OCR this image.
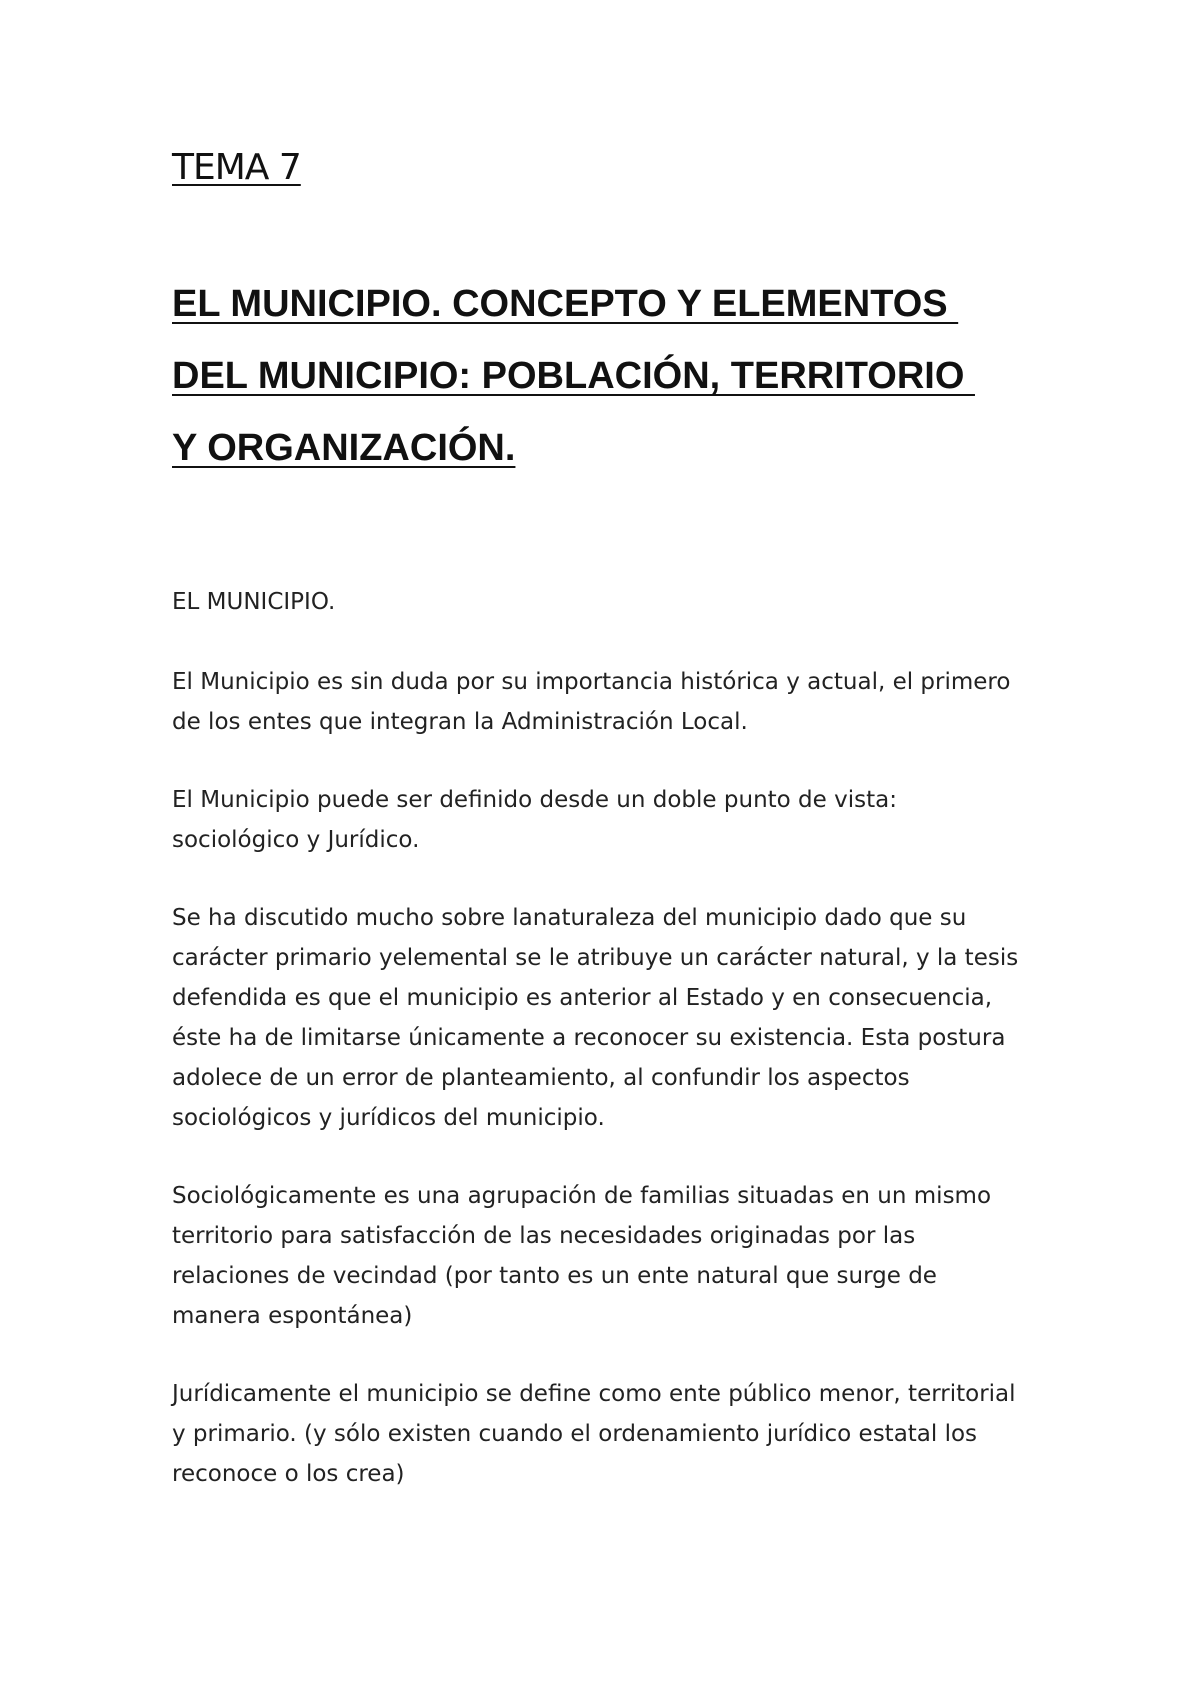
TEMA 7
EL MUNICIPIO. CONCEPTO Y ELEMENTOS
DEL MUNICIPIO: POBLACIÓN, TERRITORIO
Y ORGANIZACIÓN.
EL MUNICIPIO.

El Municipio es sin duda por su importancia histórica y actual, el primero
de los entes que integran la Administración Local.

El Municipio puede ser definido desde un doble punto de vista:
sociológico y Jurídico.

Se ha discutido mucho sobre lanaturaleza del municipio dado que su
carácter primario yelemental se le atribuye un carácter natural, y la tesis
defendida es que el municipio es anterior al Estado y en consecuencia,
éste ha de limitarse únicamente a reconocer su existencia. Esta postura
adolece de un error de planteamiento, al confundir los aspectos
sociológicos y jurídicos del municipio.

Sociológicamente es una agrupación de familias situadas en un mismo
territorio para satisfacción de las necesidades originadas por las
relaciones de vecindad (por tanto es un ente natural que surge de
manera espontánea)

Jurídicamente el municipio se define como ente público menor, territorial
y primario. (y sólo existen cuando el ordenamiento jurídico estatal los
reconoce o los crea)
